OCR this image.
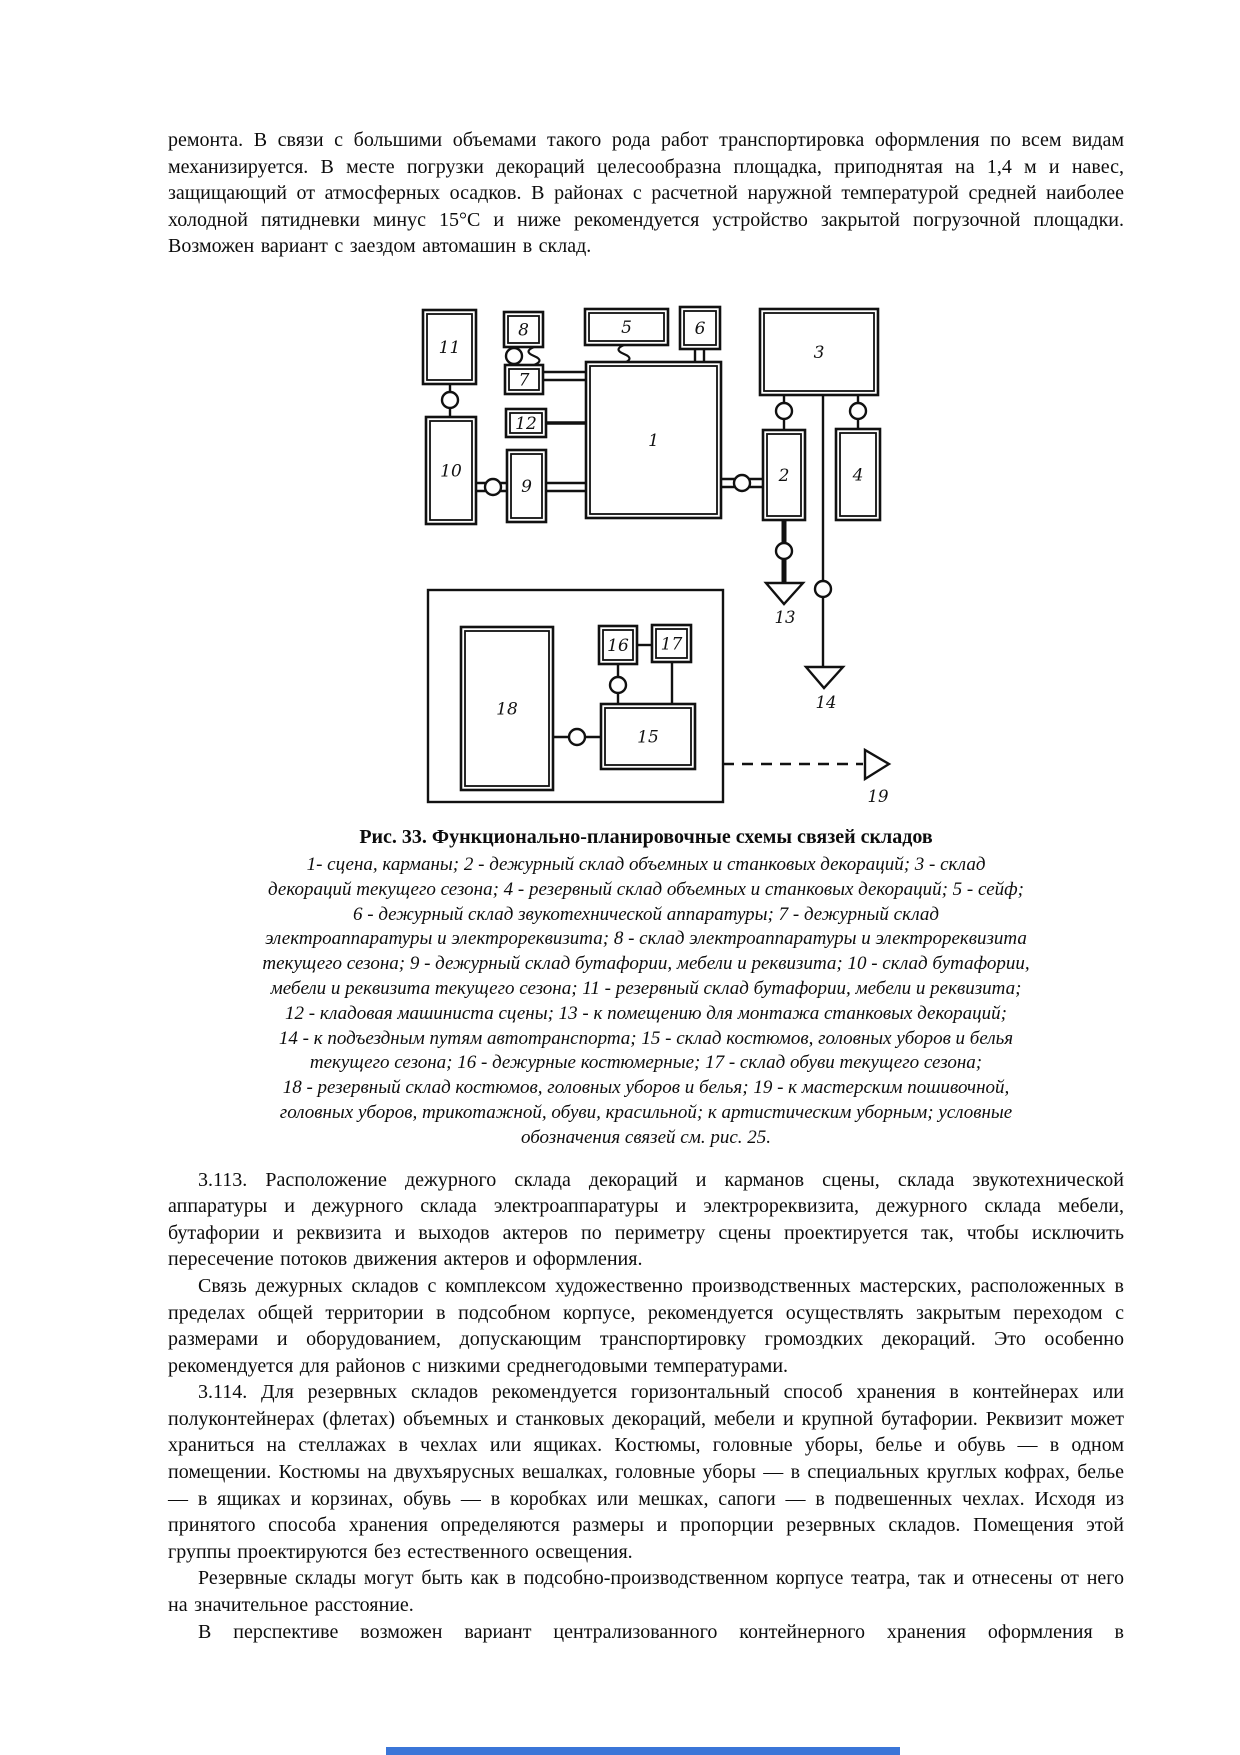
ремонта. В связи с большими объемами такого рода работ транспортировка оформления по всем видам механизируется. В месте погрузки декораций целесообразна площадка, приподнятая на 1,4 м и навес, защищающий от атмосферных осадков. В районах с расчетной наружной температурой средней наиболее холодной пятидневки минус 15°С и ниже рекомендуется устройство закрытой погрузочной площадки. Возможен вариант с заездом автомашин в склад.

11
8	5	6
3
7
12
1
10
9
2	4
18
16 17
15
13
14
19
Рис. 33. Функционально-планировочные схемы связей складов
1- сцена, карманы; 2 - дежурный склад объемных и станковых декораций; 3 - склад
декораций текущего сезона; 4 - резервный склад объемных и станковых декораций; 5 - сейф;
6 - дежурный склад звукотехнической аппаратуры; 7 - дежурный склад
электроаппаратуры и электрореквизита; 8 - склад электроаппаратуры и электрореквизита
текущего сезона; 9 - дежурный склад бутафории, мебели и реквизита; 10 - склад бутафории,
мебели и реквизита текущего сезона; 11 - резервный склад бутафории, мебели и реквизита;
12 - кладовая машиниста сцены; 13 - к помещению для монтажа станковых декораций;
14 - к подъездным путям автотранспорта; 15 - склад костюмов, головных уборов и белья
текущего сезона; 16 - дежурные костюмерные; 17 - склад обуви текущего сезона;
18 - резервный склад костюмов, головных уборов и белья; 19 - к мастерским пошивочной,
головных уборов, трикотажной, обуви, красильной; к артистическим уборным; условные
обозначения связей см. рис. 25.

3.113. Расположение дежурного склада декораций и карманов сцены, склада звукотехнической аппаратуры и дежурного склада электроаппаратуры и электрореквизита, дежурного склада мебели, бутафории и реквизита и выходов актеров по периметру сцены проектируется так, чтобы исключить пересечение потоков движения актеров и оформления.

Связь дежурных складов с комплексом художественно производственных мастерских, расположенных в пределах общей территории в подсобном корпусе, рекомендуется осуществлять закрытым переходом с размерами и оборудованием, допускающим транспортировку громоздких декораций. Это особенно рекомендуется для районов с низкими среднегодовыми температурами.

3.114. Для резервных складов рекомендуется горизонтальный способ хранения в контейнерах или полуконтейнерах (флетах) объемных и станковых декораций, мебели и крупной бутафории. Реквизит может храниться на стеллажах в чехлах или ящиках. Костюмы, головные уборы, белье и обувь — в одном помещении. Костюмы на двухъярусных вешалках, головные уборы — в специальных круглых кофрах, белье — в ящиках и корзинах, обувь — в коробках или мешках, сапоги — в подвешенных чехлах. Исходя из принятого способа хранения определяются размеры и пропорции резервных складов. Помещения этой группы проектируются без естественного освещения.

Резервные склады могут быть как в подсобно-производственном корпусе театра, так и отнесены от него на значительное расстояние.

В перспективе возможен вариант централизованного контейнерного хранения оформления в
